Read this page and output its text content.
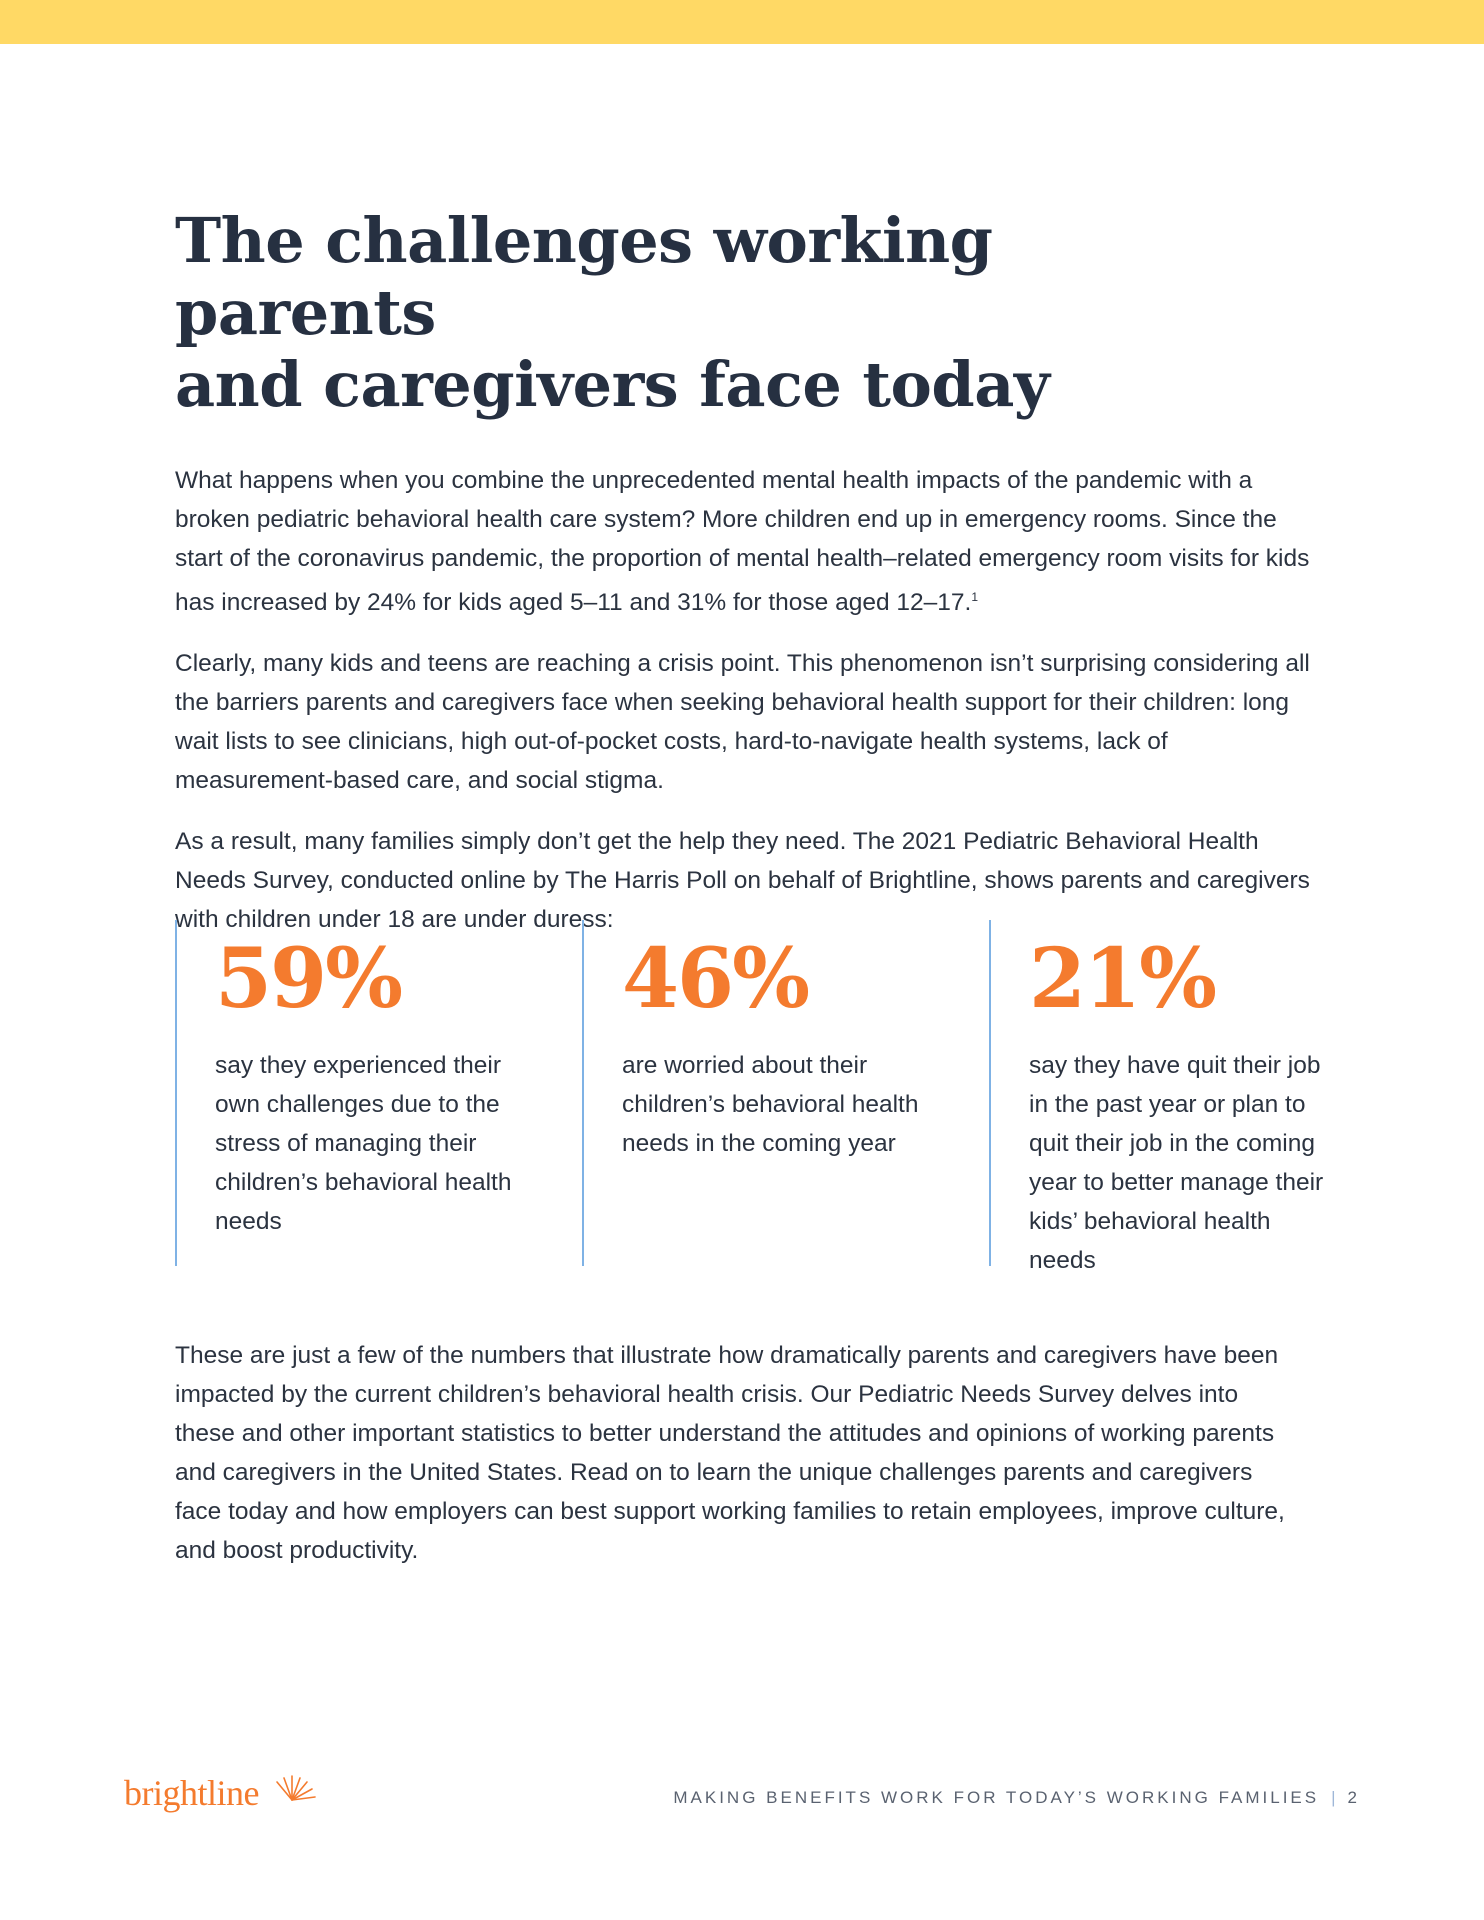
The challenges working parents
and caregivers face today

What happens when you combine the unprecedented mental health impacts of the pandemic with a broken pediatric behavioral health care system? More children end up in emergency rooms. Since the start of the coronavirus pandemic, the proportion of mental health–related emergency room visits for kids has increased by 24% for kids aged 5–11 and 31% for those aged 12–17.$^1$

Clearly, many kids and teens are reaching a crisis point. This phenomenon isn’t surprising considering all the barriers parents and caregivers face when seeking behavioral health support for their children: long wait lists to see clinicians, high out-of-pocket costs, hard-to-navigate health systems, lack of measurement-based care, and social stigma.

As a result, many families simply don’t get the help they need. The 2021 Pediatric Behavioral Health Needs Survey, conducted online by The Harris Poll on behalf of Brightline, shows parents and caregivers with children under 18 are under duress:

59%

say they experienced their own challenges due to the stress of managing their children’s behavioral health needs

46%

are worried about their children’s behavioral health needs in the coming year

21%

say they have quit their job in the past year or plan to quit their job in the coming year to better manage their kids’ behavioral health needs

These are just a few of the numbers that illustrate how dramatically parents and caregivers have been impacted by the current children’s behavioral health crisis. Our Pediatric Needs Survey delves into these and other important statistics to better understand the attitudes and opinions of working parents and caregivers in the United States. Read on to learn the unique challenges parents and caregivers face today and how employers can best support working families to retain employees, improve culture, and boost productivity.

brightline	MAKING BENEFITS WORK FOR TODAY’S WORKING FAMILIES | 2
